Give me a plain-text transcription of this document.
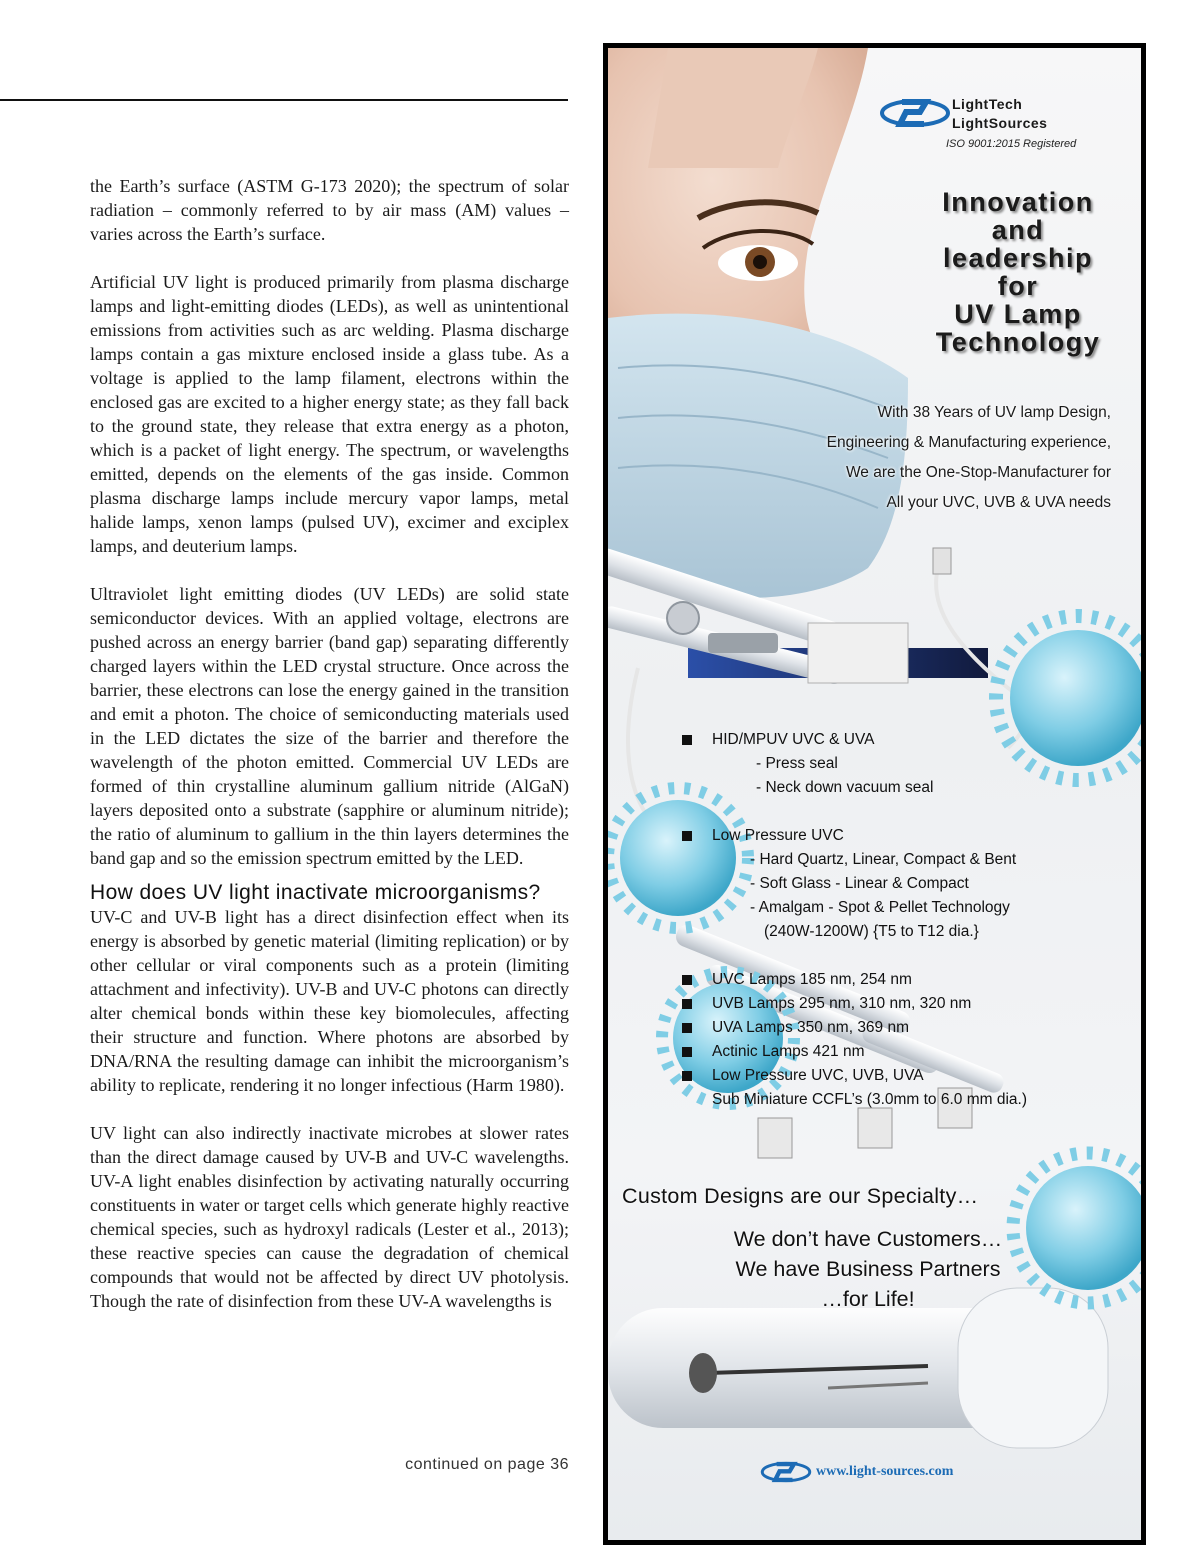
the Earth’s surface (ASTM G-173 2020); the spectrum of solar radiation – commonly referred to by air mass (AM) values – varies across the Earth’s surface.

Artificial UV light is produced primarily from plasma discharge lamps and light-emitting diodes (LEDs), as well as unintentional emissions from activities such as arc welding. Plasma discharge lamps contain a gas mixture enclosed inside a glass tube. As a voltage is applied to the lamp filament, electrons within the enclosed gas are excited to a higher energy state; as they fall back to the ground state, they release that extra energy as a photon, which is a packet of light energy. The spectrum, or wavelengths emitted, depends on the elements of the gas inside. Common plasma discharge lamps include mercury vapor lamps, metal halide lamps, xenon lamps (pulsed UV), excimer and exciplex lamps, and deuterium lamps.

Ultraviolet light emitting diodes (UV LEDs) are solid state semiconductor devices. With an applied voltage, electrons are pushed across an energy barrier (band gap) separating differently charged layers within the LED crystal structure. Once across the barrier, these electrons can lose the energy gained in the transition and emit a photon. The choice of semiconducting materials used in the LED dictates the size of the barrier and therefore the wavelength of the photon emitted. Commercial UV LEDs are formed of thin crystalline aluminum gallium nitride (AlGaN) layers deposited onto a substrate (sapphire or aluminum nitride); the ratio of aluminum to gallium in the thin layers determines the band gap and so the emission spectrum emitted by the LED.

How does UV light inactivate microorganisms?

UV-C and UV-B light has a direct disinfection effect when its energy is absorbed by genetic material (limiting replication) or by other cellular or viral components such as a protein (limiting attachment and infectivity). UV-B and UV-C photons can directly alter chemical bonds within these key biomolecules, affecting their structure and function. Where photons are absorbed by DNA/RNA the resulting damage can inhibit the microorganism’s ability to replicate, rendering it no longer infectious (Harm 1980).

UV light can also indirectly inactivate microbes at slower rates than the direct damage caused by UV-B and UV-C wavelengths. UV-A light enables disinfection by activating naturally occurring constituents in water or target cells which generate highly reactive chemical species, such as hydroxyl radicals (Lester et al., 2013); these reactive species can cause the degradation of chemical compounds that would not be affected by direct UV photolysis. Though the rate of disinfection from these UV-A wavelengths is

continued on page 36
LightTech
LightSources
ISO 9001:2015 Registered
Innovation
and
leadership
for
UV Lamp
Technology
With 38 Years of UV lamp Design,
Engineering & Manufacturing experience,
We are the One-Stop-Manufacturer for
All your UVC, UVB & UVA needs
HID/MPUV UVC & UVA
- Press seal
- Neck down vacuum seal
Low Pressure UVC
- Hard Quartz, Linear, Compact & Bent
- Soft Glass - Linear & Compact
- Amalgam - Spot & Pellet Technology
(240W-1200W) {T5 to T12 dia.}
UVC Lamps 185 nm, 254 nm
UVB Lamps 295 nm, 310 nm, 320 nm
UVA Lamps 350 nm, 369 nm
Actinic Lamps 421 nm
Low Pressure UVC, UVB, UVA
Sub Miniature CCFL’s (3.0mm to 6.0 mm dia.)
Custom Designs are our Specialty…
We don’t have Customers…
We have Business Partners
…for Life!
www.light-sources.com
